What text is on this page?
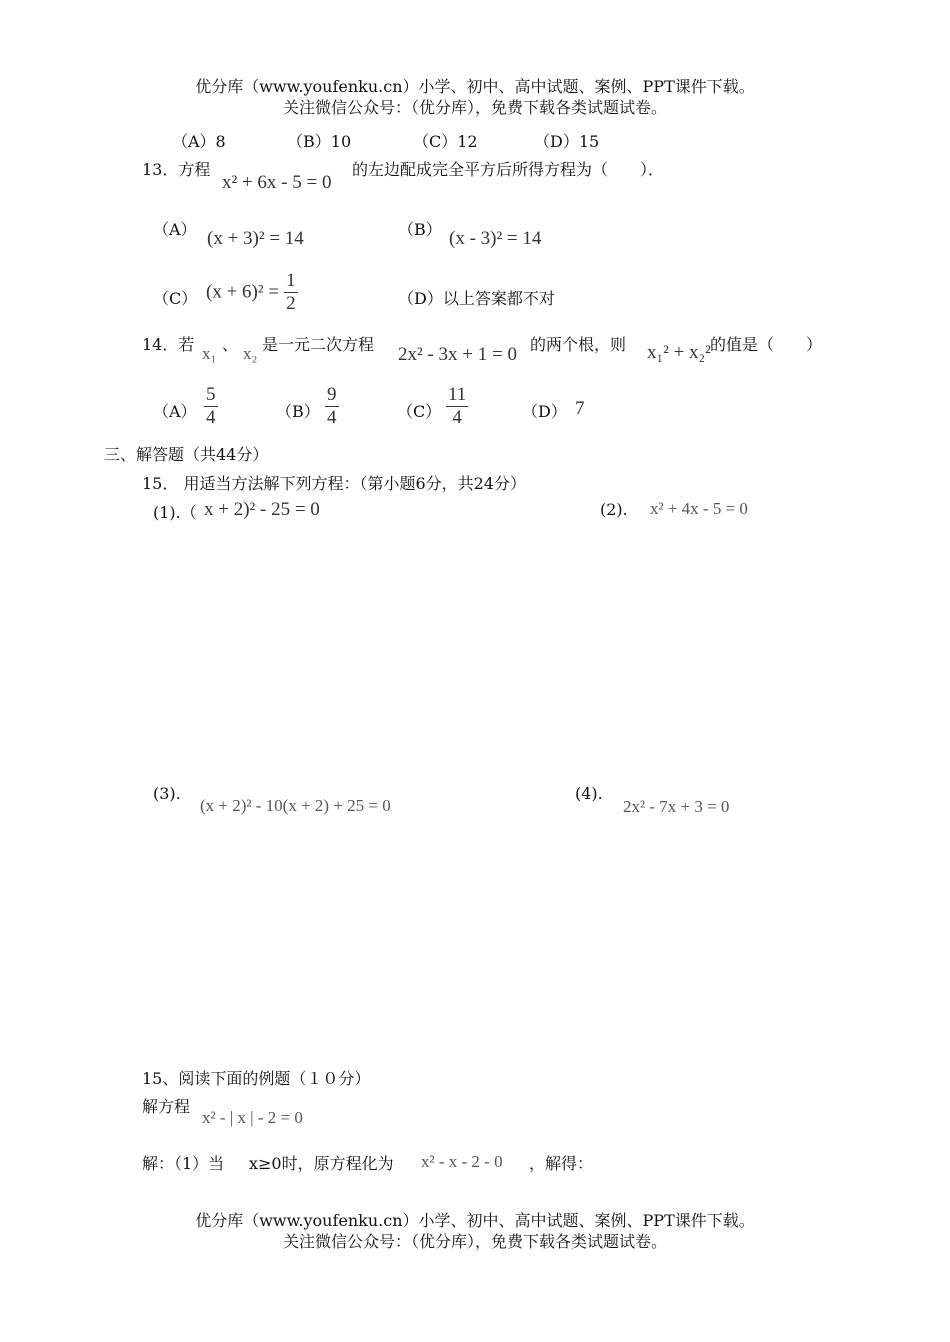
优分库（www.youfenku.cn）小学、初中、高中试题、案例、PPT课件下载。
关注微信公众号：（优分库），免费下载各类试题试卷。
（A）8	（B）10	（C）12	（D）15
13．方程
x² + 6x - 5 = 0
的左边配成完全平方后所得方程为（　　）．
（A） (x + 3)² = 14	（B） (x - 3)² = 14
（C） $(x + 6)^2 = \frac{1}{2}$	（D）以上答案都不对
14．若 x₁ 、 x₂ 是一元二次方程 2x² - 3x + 1 = 0 的两个根，则 x₁² + x₂² 的值是（　　）
$(A) \frac{5}{4}$	$(B) \frac{9}{4}$	$(C) \frac{11}{4}$	（D） 7
三、解答题（共44分）
15． 用适当方法解下列方程：（第小题6分，共24分）
(1).（ x + 2)² - 25 = 0	(2). x² + 4x - 5 = 0
(3).
(x + 2)² - 10(x + 2) + 25 = 0
(4).
2x² - 7x + 3 = 0
15、阅读下面的例题（１０分）
解方程
x² - | x | - 2 = 0
解：（1）当 x≥0时，原方程化为 x² - x - 2 - 0 ，解得：
优分库（www.youfenku.cn）小学、初中、高中试题、案例、PPT课件下载。
关注微信公众号：（优分库），免费下载各类试题试卷。
